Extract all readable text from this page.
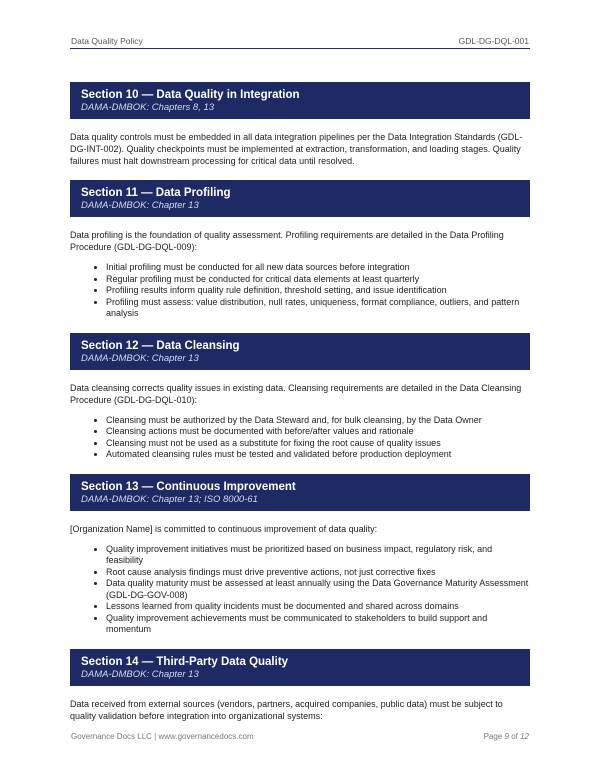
Data Quality Policy	GDL-DG-DQL-001
Section 10 — Data Quality in Integration
DAMA-DMBOK: Chapters 8, 13

Data quality controls must be embedded in all data integration pipelines per the Data Integration Standards (GDL-DG-INT-002). Quality checkpoints must be implemented at extraction, transformation, and loading stages. Quality failures must halt downstream processing for critical data until resolved.

Section 11 — Data Profiling
DAMA-DMBOK: Chapter 13

Data profiling is the foundation of quality assessment. Profiling requirements are detailed in the Data Profiling Procedure (GDL-DG-DQL-009):

• Initial profiling must be conducted for all new data sources before integration
• Regular profiling must be conducted for critical data elements at least quarterly
• Profiling results inform quality rule definition, threshold setting, and issue identification
• Profiling must assess: value distribution, null rates, uniqueness, format compliance, outliers, and pattern analysis
Section 12 — Data Cleansing
DAMA-DMBOK: Chapter 13

Data cleansing corrects quality issues in existing data. Cleansing requirements are detailed in the Data Cleansing Procedure (GDL-DG-DQL-010):

• Cleansing must be authorized by the Data Steward and, for bulk cleansing, by the Data Owner
• Cleansing actions must be documented with before/after values and rationale
• Cleansing must not be used as a substitute for fixing the root cause of quality issues
• Automated cleansing rules must be tested and validated before production deployment
Section 13 — Continuous Improvement
DAMA-DMBOK: Chapter 13; ISO 8000-61

[Organization Name] is committed to continuous improvement of data quality:

• Quality improvement initiatives must be prioritized based on business impact, regulatory risk, and feasibility
• Root cause analysis findings must drive preventive actions, not just corrective fixes
• Data quality maturity must be assessed at least annually using the Data Governance Maturity Assessment (GDL-DG-GOV-008)
• Lessons learned from quality incidents must be documented and shared across domains
• Quality improvement achievements must be communicated to stakeholders to build support and momentum
Section 14 — Third-Party Data Quality
DAMA-DMBOK: Chapter 13

Data received from external sources (vendors, partners, acquired companies, public data) must be subject to quality validation before integration into organizational systems:

Governance Docs LLC | www.governancedocs.com	Page 9 of 12
